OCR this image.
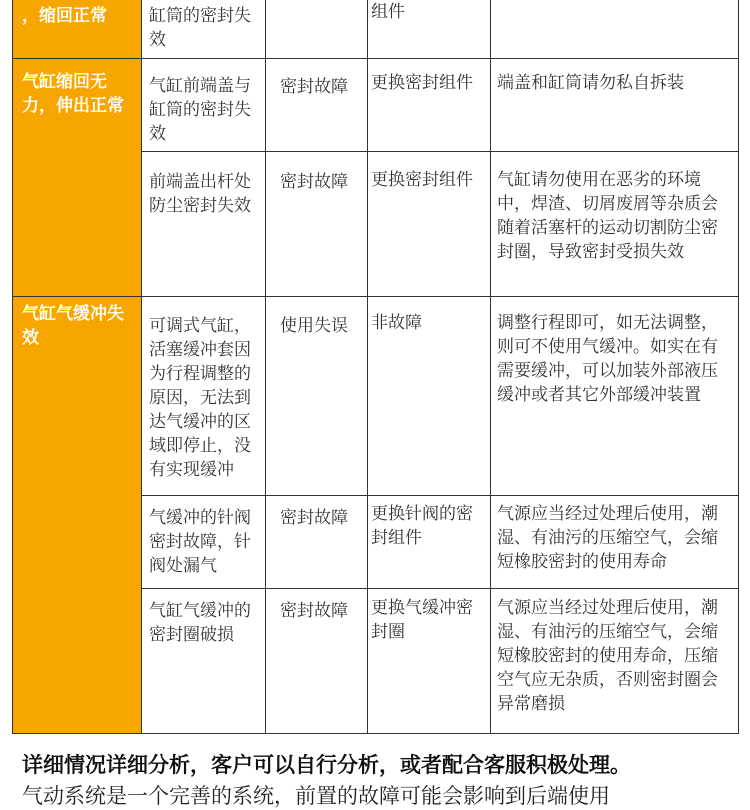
，缩回正常	缸筒的密封失效		组件	

气缸缩回无力，伸出正常	气缸前端盖与缸筒的密封失效	密封故障	更换密封组件	端盖和缸筒请勿私自拆装

	前端盖出杆处防尘密封失效	密封故障	更换密封组件	气缸请勿使用在恶劣的环境中，焊渣、切屑废屑等杂质会随着活塞杆的运动切割防尘密封圈，导致密封受损失效

气缸气缓冲失效	可调式气缸，活塞缓冲套因为行程调整的原因，无法到达气缓冲的区域即停止，没有实现缓冲	使用失误	非故障	调整行程即可，如无法调整，则可不使用气缓冲。如实在有需要缓冲，可以加装外部液压缓冲或者其它外部缓冲装置

	气缓冲的针阀密封故障，针阀处漏气	密封故障	更换针阀的密封组件	气源应当经过处理后使用，潮湿、有油污的压缩空气，会缩短橡胶密封的使用寿命

	气缸气缓冲的密封圈破损	密封故障	更换气缓冲密封圈	气源应当经过处理后使用，潮湿、有油污的压缩空气，会缩短橡胶密封的使用寿命，压缩空气应无杂质，否则密封圈会异常磨损
详细情况详细分析，客户可以自行分析，或者配合客服积极处理。
气动系统是一个完善的系统，前置的故障可能会影响到后端使用
